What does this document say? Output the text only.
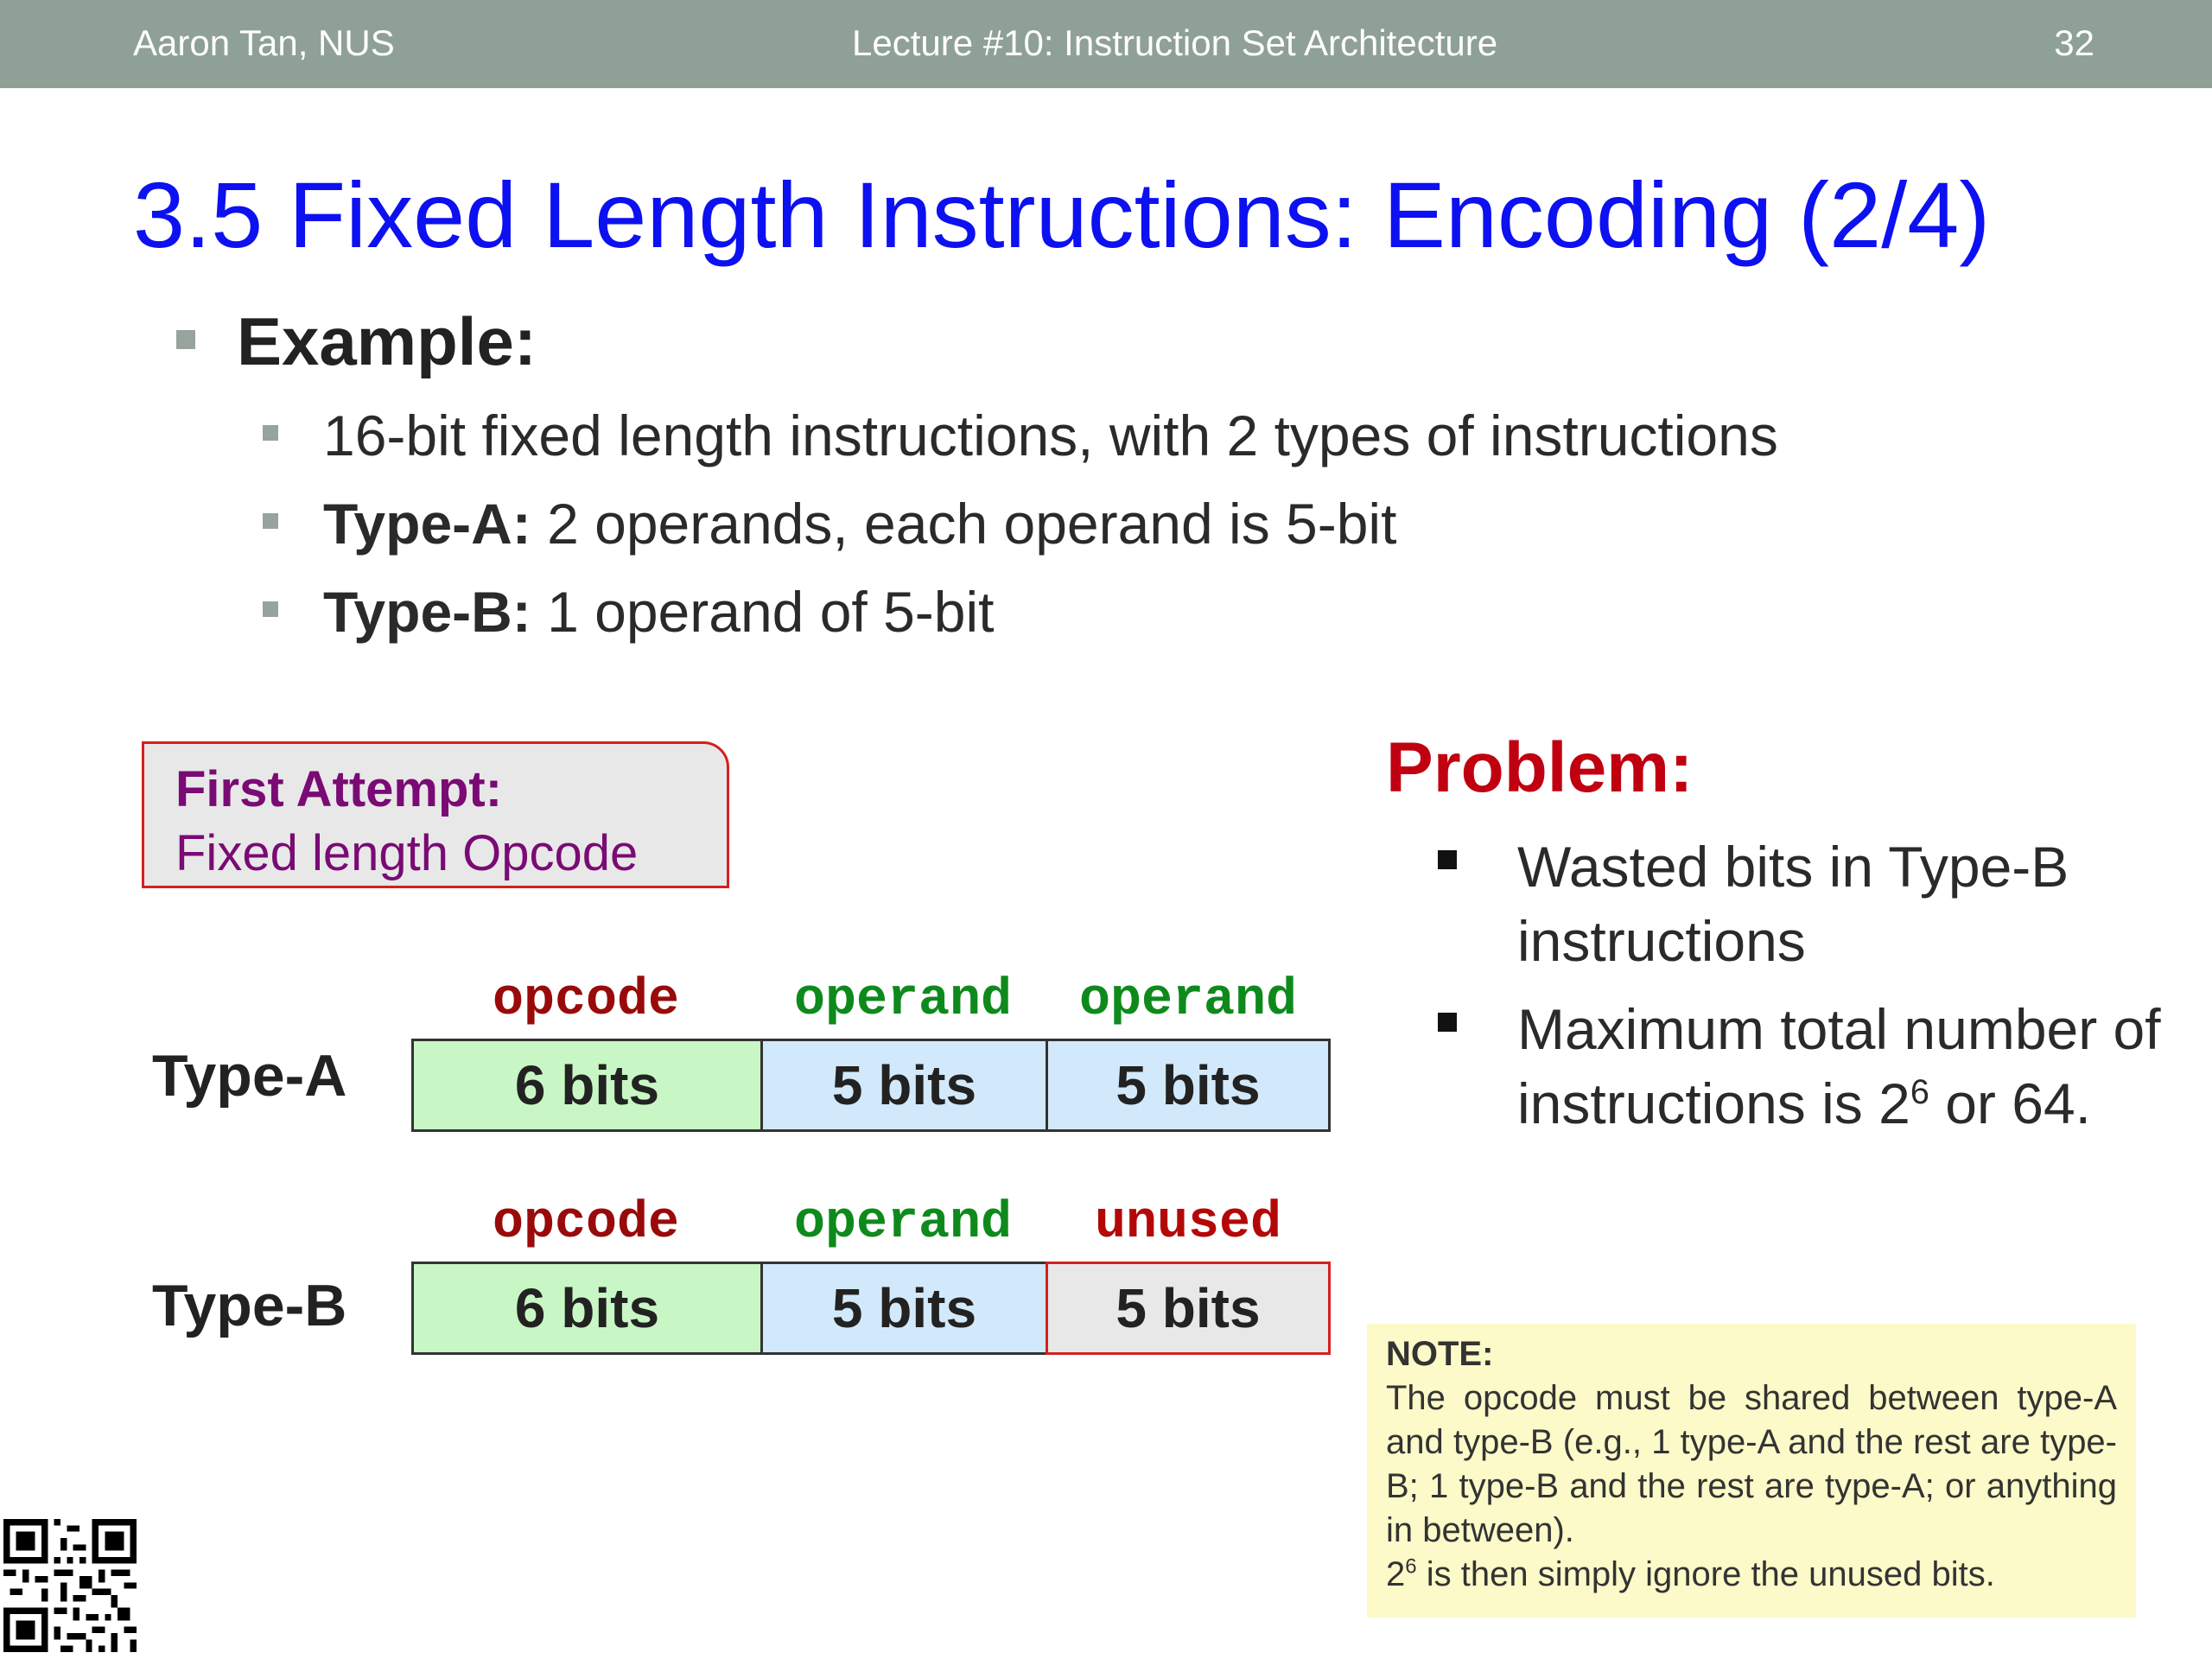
Aaron Tan, NUS	Lecture #10: Instruction Set Architecture	32
3.5 Fixed Length Instructions: Encoding (2/4)
Example:
16-bit fixed length instructions, with 2 types of instructions
Type-A: 2 operands, each operand is 5-bit
Type-B: 1 operand of 5-bit
First Attempt:
Fixed length Opcode
opcode	operand	operand
Type-A	6 bits	5 bits	5 bits
opcode	operand	unused
Type-B	6 bits	5 bits	5 bits
Problem:
Wasted bits in Type-B instructions
Maximum total number of instructions is $2^6$ or 64.
NOTE:
The opcode must be shared between type-A and type-B (e.g., 1 type-A and the rest are type-B; 1 type-B and the rest are type-A; or anything in between).
$2^6$ is then simply ignore the unused bits.
